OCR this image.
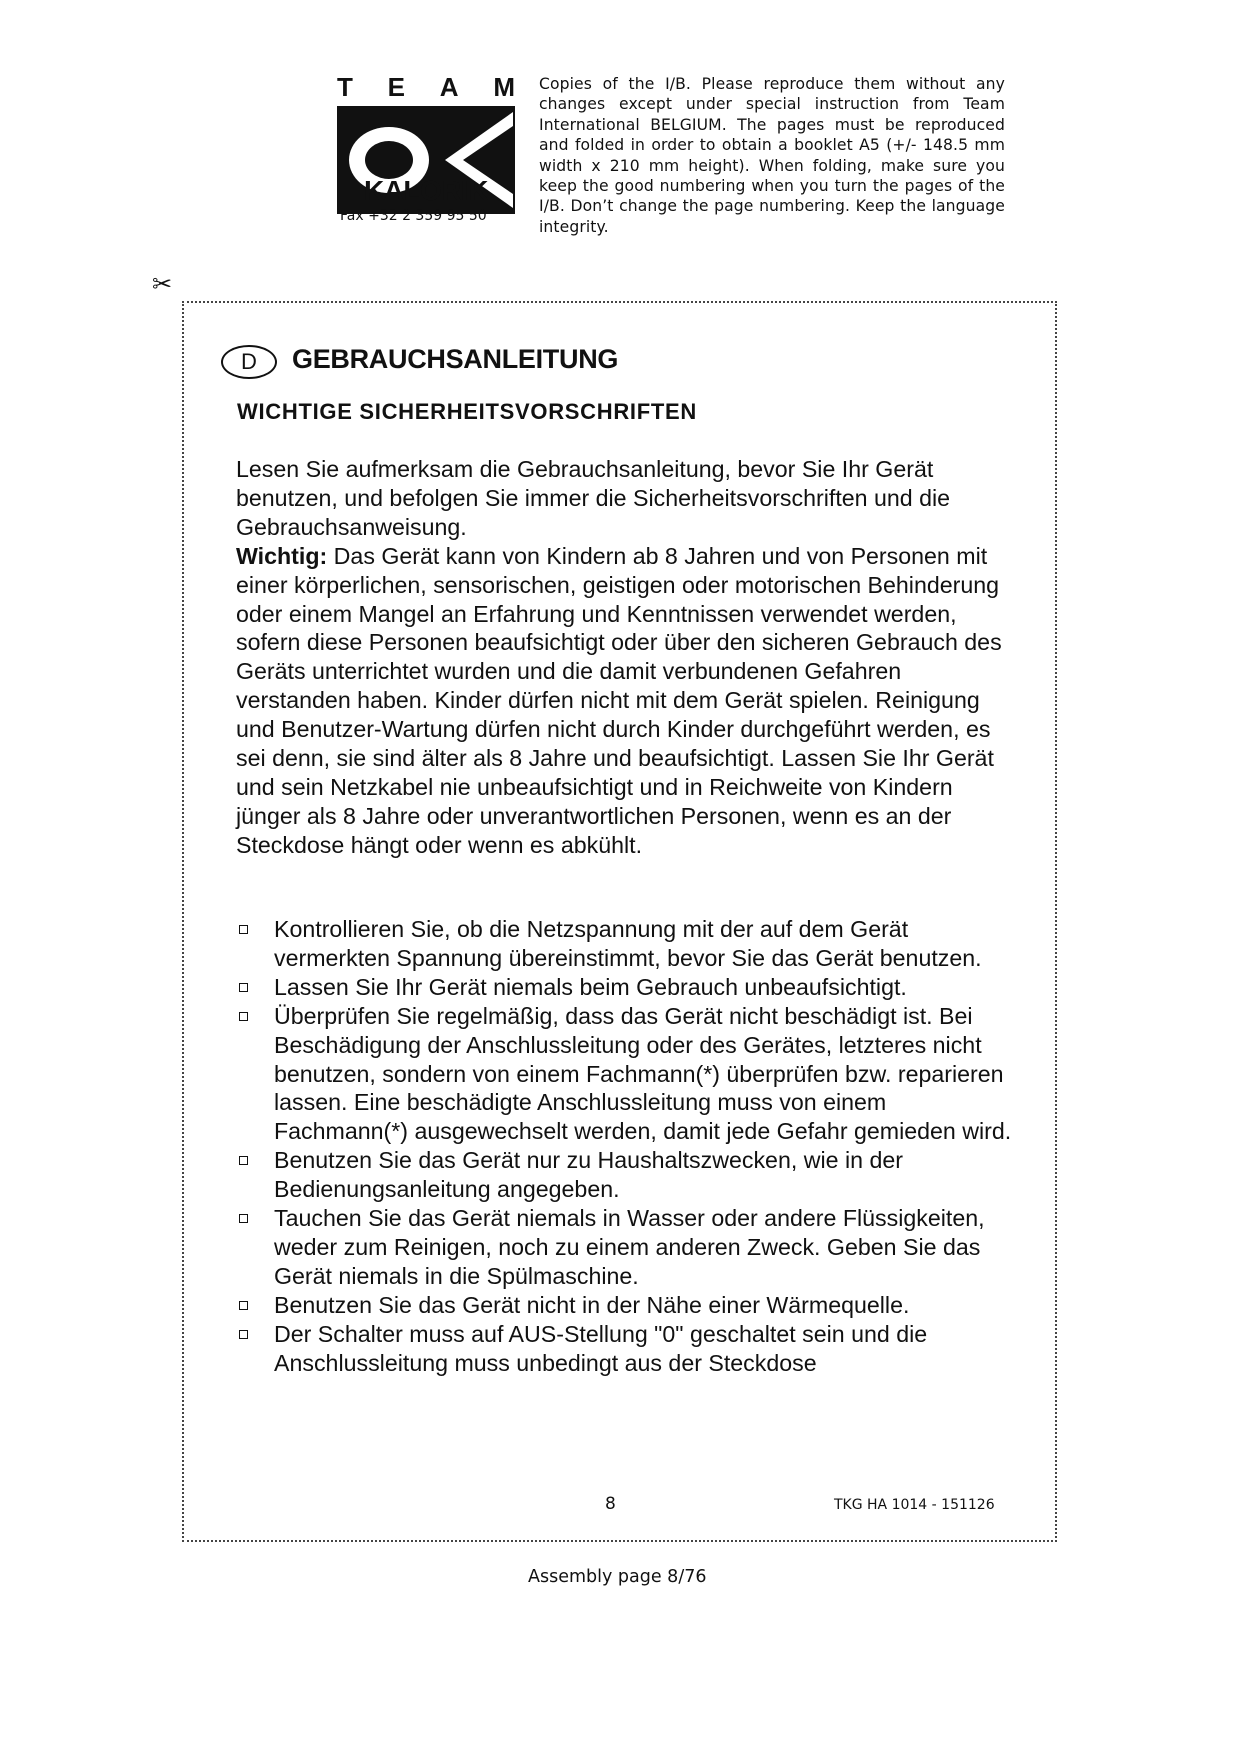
T E A M
KALORIK
Fax +32 2 359 95 50
Copies of the I/B. Please reproduce them without any changes except under special instruction from Team International BELGIUM. The pages must be reproduced and folded in order to obtain a booklet A5 (+/- 148.5 mm width x 210 mm height). When folding, make sure you keep the good numbering when you turn the pages of the I/B. Don’t change the page numbering. Keep the language integrity.
✂
D	GEBRAUCHSANLEITUNG
WICHTIGE SICHERHEITSVORSCHRIFTEN

Lesen Sie aufmerksam die Gebrauchsanleitung, bevor Sie Ihr Gerät benutzen, und befolgen Sie immer die Sicherheitsvorschriften und die Gebrauchsanweisung.

Wichtig: Das Gerät kann von Kindern ab 8 Jahren und von Personen mit einer körperlichen, sensorischen, geistigen oder motorischen Behinderung oder einem Mangel an Erfahrung und Kenntnissen verwendet werden, sofern diese Personen beaufsichtigt oder über den sicheren Gebrauch des Geräts unterrichtet wurden und die damit verbundenen Gefahren verstanden haben. Kinder dürfen nicht mit dem Gerät spielen. Reinigung und Benutzer-Wartung dürfen nicht durch Kinder durchgeführt werden, es sei denn, sie sind älter als 8 Jahre und beaufsichtigt. Lassen Sie Ihr Gerät und sein Netzkabel nie unbeaufsichtigt und in Reichweite von Kindern jünger als 8 Jahre oder unverantwortlichen Personen, wenn es an der Steckdose hängt oder wenn es abkühlt.

Kontrollieren Sie, ob die Netzspannung mit der auf dem Gerät vermerkten Spannung übereinstimmt, bevor Sie das Gerät benutzen.
Lassen Sie Ihr Gerät niemals beim Gebrauch unbeaufsichtigt.
Überprüfen Sie regelmäßig, dass das Gerät nicht beschädigt ist. Bei Beschädigung der Anschlussleitung oder des Gerätes, letzteres nicht benutzen, sondern von einem Fachmann(*) überprüfen bzw. reparieren lassen. Eine beschädigte Anschlussleitung muss von einem Fachmann(*) ausgewechselt werden, damit jede Gefahr gemieden wird.
Benutzen Sie das Gerät nur zu Haushaltszwecken, wie in der Bedienungsanleitung angegeben.
Tauchen Sie das Gerät niemals in Wasser oder andere Flüssigkeiten, weder zum Reinigen, noch zu einem anderen Zweck. Geben Sie das Gerät niemals in die Spülmaschine.
Benutzen Sie das Gerät nicht in der Nähe einer Wärmequelle.
Der Schalter muss auf AUS-Stellung "0" geschaltet sein und die Anschlussleitung muss unbedingt aus der Steckdose
8	TKG HA 1014 - 151126
Assembly page 8/76
